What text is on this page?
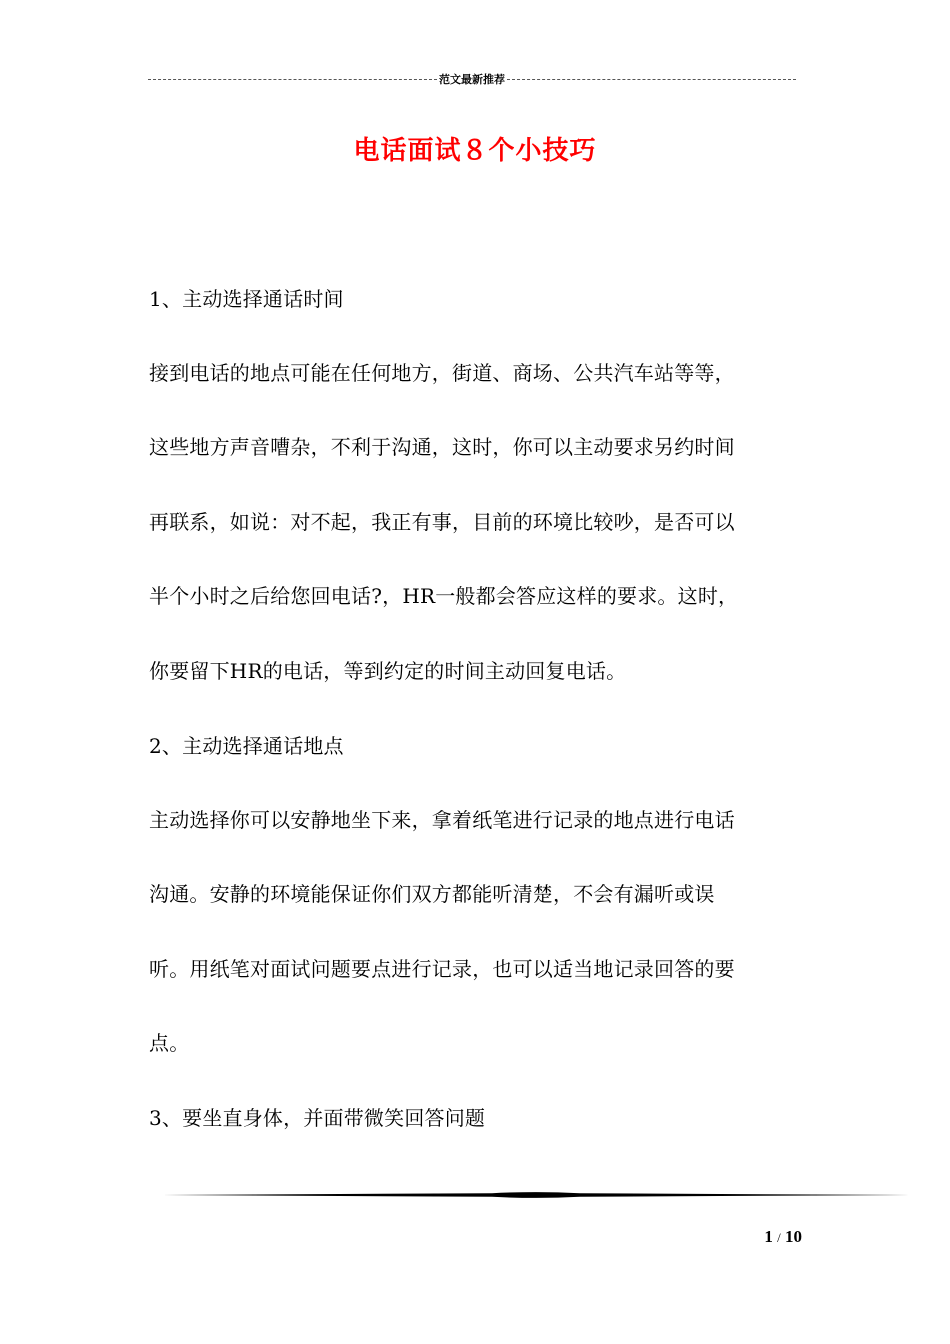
范文最新推荐
电话面试８个小技巧
1、主动选择通话时间
接到电话的地点可能在任何地方，街道、商场、公共汽车站等等，
这些地方声音嘈杂，不利于沟通，这时，你可以主动要求另约时间
再联系，如说：对不起，我正有事，目前的环境比较吵，是否可以
半个小时之后给您回电话?，HR一般都会答应这样的要求。这时，
你要留下HR的电话，等到约定的时间主动回复电话。
2、主动选择通话地点
主动选择你可以安静地坐下来，拿着纸笔进行记录的地点进行电话
沟通。安静的环境能保证你们双方都能听清楚，不会有漏听或误
听。用纸笔对面试问题要点进行记录，也可以适当地记录回答的要
点。
3、要坐直身体，并面带微笑回答问题
1 / 10
